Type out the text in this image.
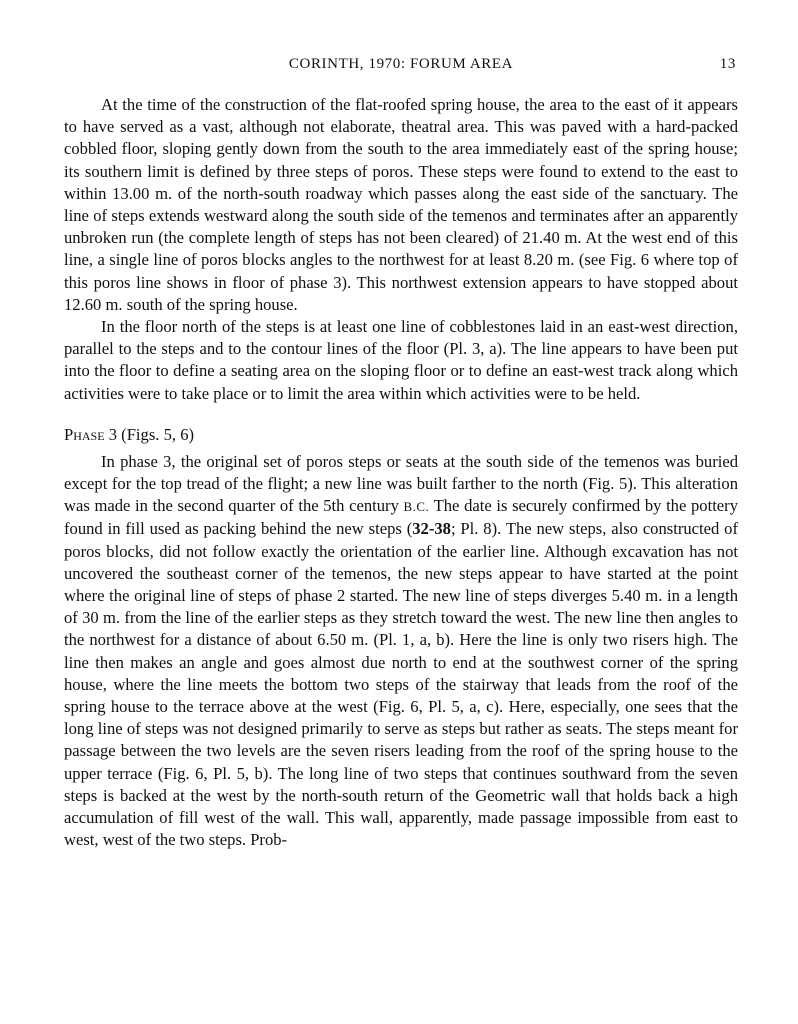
CORINTH, 1970: FORUM AREA	13

At the time of the construction of the flat-roofed spring house, the area to the east of it appears to have served as a vast, although not elaborate, theatral area. This was paved with a hard-packed cobbled floor, sloping gently down from the south to the area immediately east of the spring house; its southern limit is defined by three steps of poros. These steps were found to extend to the east to within 13.00 m. of the north-south roadway which passes along the east side of the sanctuary. The line of steps extends westward along the south side of the temenos and terminates after an apparently unbroken run (the complete length of steps has not been cleared) of 21.40 m. At the west end of this line, a single line of poros blocks angles to the northwest for at least 8.20 m. (see Fig. 6 where top of this poros line shows in floor of phase 3). This northwest extension appears to have stopped about 12.60 m. south of the spring house.

In the floor north of the steps is at least one line of cobblestones laid in an east-west direction, parallel to the steps and to the contour lines of the floor (Pl. 3, a). The line appears to have been put into the floor to define a seating area on the sloping floor or to define an east-west track along which activities were to take place or to limit the area within which activities were to be held.

Phase 3 (Figs. 5, 6)

In phase 3, the original set of poros steps or seats at the south side of the temenos was buried except for the top tread of the flight; a new line was built farther to the north (Fig. 5). This alteration was made in the second quarter of the 5th century B.C. The date is securely confirmed by the pottery found in fill used as packing behind the new steps (32-38; Pl. 8). The new steps, also constructed of poros blocks, did not follow exactly the orientation of the earlier line. Although excavation has not uncovered the southeast corner of the temenos, the new steps appear to have started at the point where the original line of steps of phase 2 started. The new line of steps diverges 5.40 m. in a length of 30 m. from the line of the earlier steps as they stretch toward the west. The new line then angles to the northwest for a distance of about 6.50 m. (Pl. 1, a, b). Here the line is only two risers high. The line then makes an angle and goes almost due north to end at the southwest corner of the spring house, where the line meets the bottom two steps of the stairway that leads from the roof of the spring house to the terrace above at the west (Fig. 6, Pl. 5, a, c). Here, especially, one sees that the long line of steps was not designed primarily to serve as steps but rather as seats. The steps meant for passage between the two levels are the seven risers leading from the roof of the spring house to the upper terrace (Fig. 6, Pl. 5, b). The long line of two steps that continues southward from the seven steps is backed at the west by the north-south return of the Geometric wall that holds back a high accumulation of fill west of the wall. This wall, apparently, made passage impossible from east to west, west of the two steps. Prob-
